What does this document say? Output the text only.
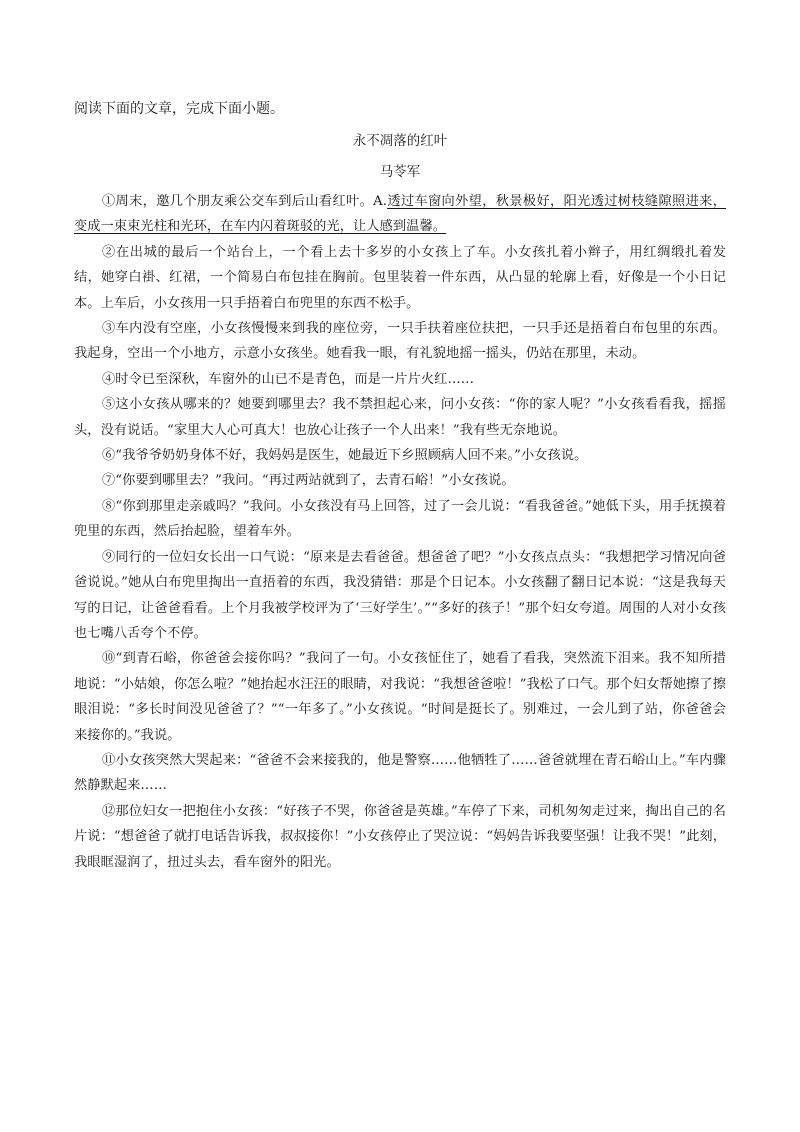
阅读下面的文章，完成下面小题。
永不凋落的红叶
马苓军

①周末，邀几个朋友乘公交车到后山看红叶。A.透过车窗向外望，秋景极好，阳光透过树枝缝隙照进来，变成一束束光柱和光环，在车内闪着斑驳的光，让人感到温馨。

②在出城的最后一个站台上，一个看上去十多岁的小女孩上了车。小女孩扎着小辫子，用红绸缎扎着发结，她穿白褂、红裙，一个简易白布包挂在胸前。包里装着一件东西，从凸显的轮廓上看，好像是一个小日记本。上车后，小女孩用一只手捂着白布兜里的东西不松手。

③车内没有空座，小女孩慢慢来到我的座位旁，一只手扶着座位扶把，一只手还是捂着白布包里的东西。我起身，空出一个小地方，示意小女孩坐。她看我一眼，有礼貌地摇一摇头，仍站在那里，未动。

④时令已至深秋，车窗外的山已不是青色，而是一片片火红……

⑤这小女孩从哪来的？她要到哪里去？我不禁担起心来，问小女孩：“你的家人呢？”小女孩看看我，摇摇头，没有说话。“家里大人心可真大！也放心让孩子一个人出来！”我有些无奈地说。

⑥“我爷爷奶奶身体不好，我妈妈是医生，她最近下乡照顾病人回不来。”小女孩说。

⑦“你要到哪里去？”我问。“再过两站就到了，去青石峪！”小女孩说。

⑧“你到那里走亲戚吗？”我问。小女孩没有马上回答，过了一会儿说：“看我爸爸。”她低下头，用手抚摸着兜里的东西，然后抬起脸，望着车外。

⑨同行的一位妇女长出一口气说：“原来是去看爸爸。想爸爸了吧？”小女孩点点头：“我想把学习情况向爸爸说说。”她从白布兜里掏出一直捂着的东西，我没猜错：那是个日记本。小女孩翻了翻日记本说：“这是我每天写的日记，让爸爸看看。上个月我被学校评为了‘三好学生’。”“多好的孩子！”那个妇女夸道。周围的人对小女孩也七嘴八舌夸个不停。

⑩“到青石峪，你爸爸会接你吗？”我问了一句。小女孩怔住了，她看了看我，突然流下泪来。我不知所措地说：“小姑娘，你怎么啦？”她抬起水汪汪的眼睛，对我说：“我想爸爸啦！”我松了口气。那个妇女帮她擦了擦眼泪说：“多长时间没见爸爸了？”“一年多了。”小女孩说。“时间是挺长了。别难过，一会儿到了站，你爸爸会来接你的。”我说。

⑪小女孩突然大哭起来：“爸爸不会来接我的，他是警察……他牺牲了……爸爸就埋在青石峪山上。”车内骤然静默起来……

⑫那位妇女一把抱住小女孩：“好孩子不哭，你爸爸是英雄。”车停了下来，司机匆匆走过来，掏出自己的名片说：“想爸爸了就打电话告诉我，叔叔接你！”小女孩停止了哭泣说：“妈妈告诉我要坚强！让我不哭！”此刻，我眼眶湿润了，扭过头去，看车窗外的阳光。
